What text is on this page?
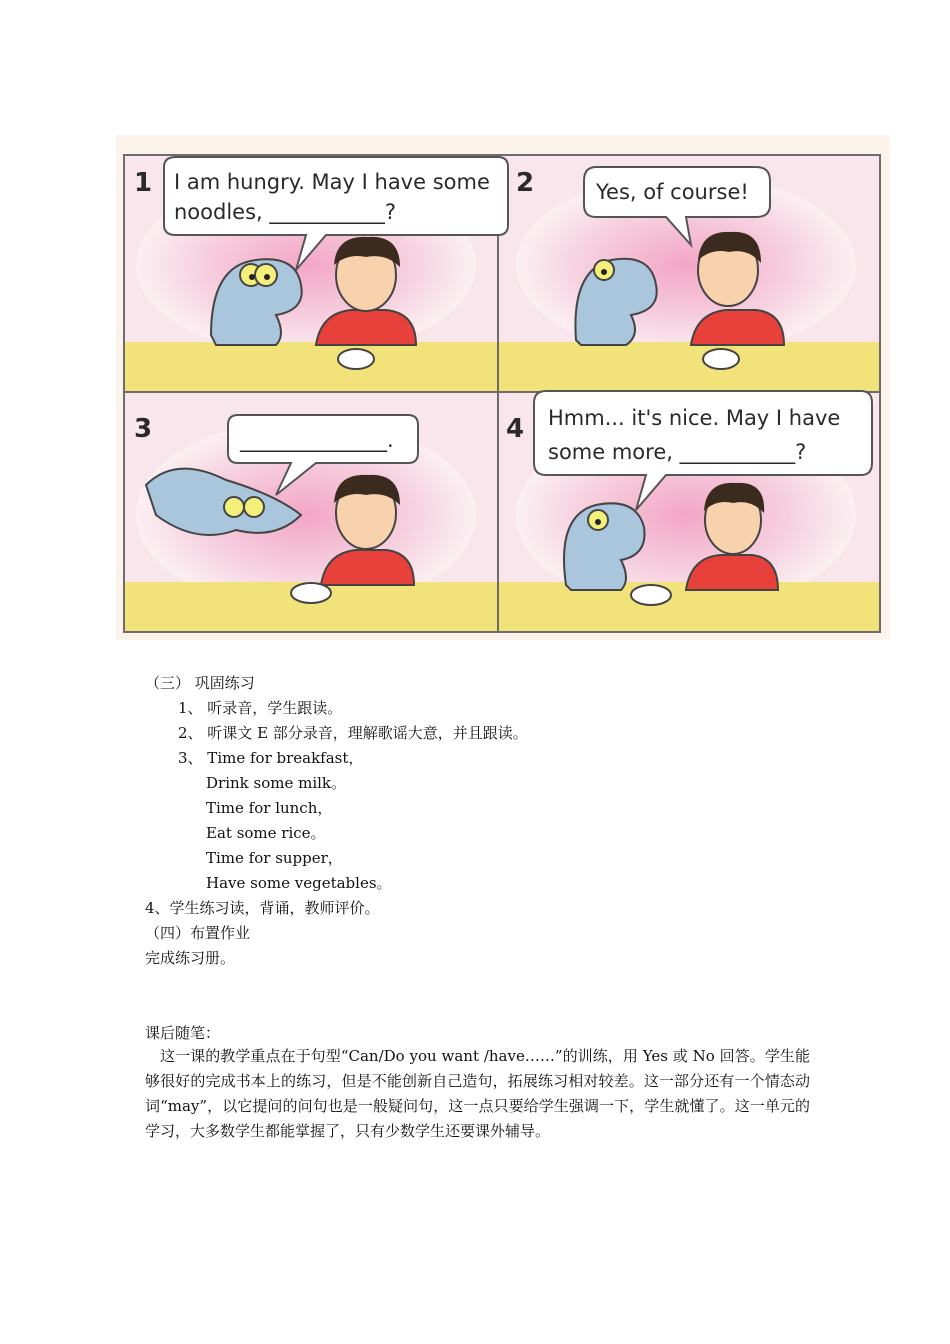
1	2
3	4
I am hungry. May I have some
noodles, ___________?
Yes, of course!
______________.
Hmm... it's nice. May I have
some more, ___________?
（三） 巩固练习
1、 听录音，学生跟读。
2、 听课文 E 部分录音，理解歌谣大意，并且跟读。
3、 Time for breakfast，
Drink some milk。
Time for lunch，
Eat some rice。
Time for supper，
Have some vegetables。
4、学生练习读，背诵，教师评价。
（四）布置作业
完成练习册。
课后随笔：
这一课的教学重点在于句型“Can/Do you want /have……”的训练，用 Yes 或 No 回答。学生能够很好的完成书本上的练习，但是不能创新自己造句，拓展练习相对较差。这一部分还有一个情态动词“may”，以它提问的问句也是一般疑问句，这一点只要给学生强调一下，学生就懂了。这一单元的学习，大多数学生都能掌握了，只有少数学生还要课外辅导。
